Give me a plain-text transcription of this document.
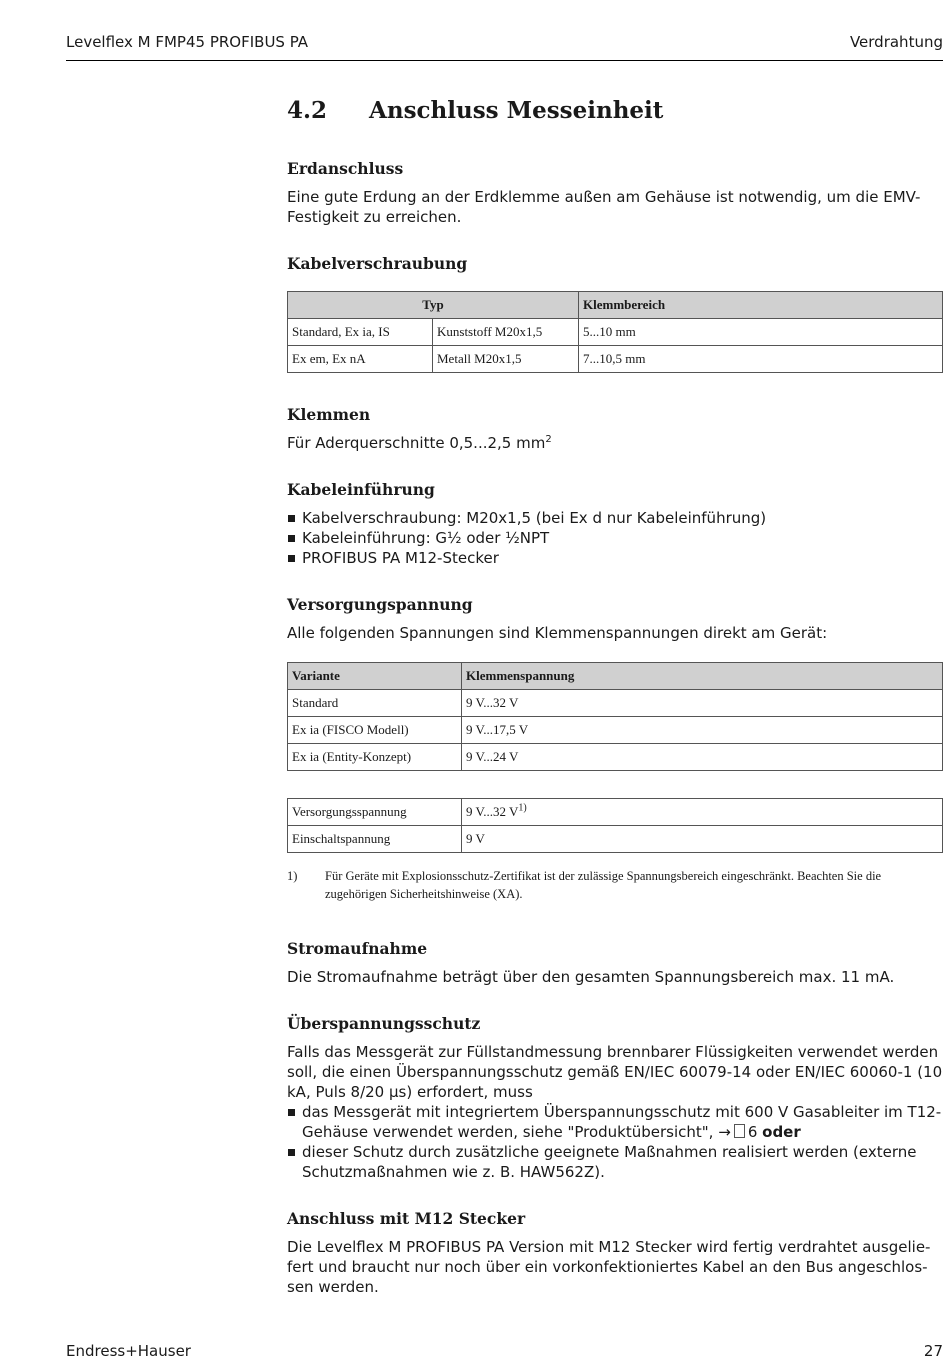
Levelflex M FMP45 PROFIBUS PA	Verdrahtung
4.2 Anschluss Messeinheit
Erdanschluss

Eine gute Erdung an der Erdklemme außen am Gehäuse ist notwendig, um die EMV-Festigkeit zu erreichen.

Kabelverschraubung
Typ		Klemmbereich
Standard, Ex ia, IS	Kunststoff M20x1,5	5...10 mm
Ex em, Ex nA	Metall M20x1,5	7...10,5 mm
Klemmen

Für Aderquerschnitte 0,5...2,5 $mm^2$

Kabeleinführung
Kabelverschraubung: M20x1,5 (bei Ex d nur Kabeleinführung)
Kabeleinführung: G½ oder ½NPT
PROFIBUS PA M12-Stecker
Versorgungspannung

Alle folgenden Spannungen sind Klemmenspannungen direkt am Gerät:

Variante	Klemmenspannung
Standard	9 V...32 V
Ex ia (FISCO Modell)	9 V...17,5 V
Ex ia (Entity-Konzept)	9 V...24 V
Versorgungsspannung	9 V...32 $V^{1)}$
Einschaltspannung	9 V
1) Für Geräte mit Explosionsschutz-Zertifikat ist der zulässige Spannungsbereich eingeschränkt. Beachten Sie die zugehörigen Sicherheitshinweise (XA).
Stromaufnahme

Die Stromaufnahme beträgt über den gesamten Spannungsbereich max. 11 mA.

Überspannungsschutz

Falls das Messgerät zur Füllstandmessung brennbarer Flüssigkeiten verwendet werden soll, die einen Überspannungsschutz gemäß EN/IEC 60079-14 oder EN/IEC 60060-1 (10 kA, Puls 8/20 µs) erfordert, muss

das Messgerät mit integriertem Überspannungsschutz mit 600 V Gasableiter im T12-Gehäuse verwendet werden, siehe "Produktübersicht", → 6 oder
dieser Schutz durch zusätzliche geeignete Maßnahmen realisiert werden (externe Schutzmaßnahmen wie z. B. HAW562Z).
Anschluss mit M12 Stecker

Die Levelflex M PROFIBUS PA Version mit M12 Stecker wird fertig verdrahtet ausgelie-fert und braucht nur noch über ein vorkonfektioniertes Kabel an den Bus angeschlos-sen werden.

Endress+Hauser	27
